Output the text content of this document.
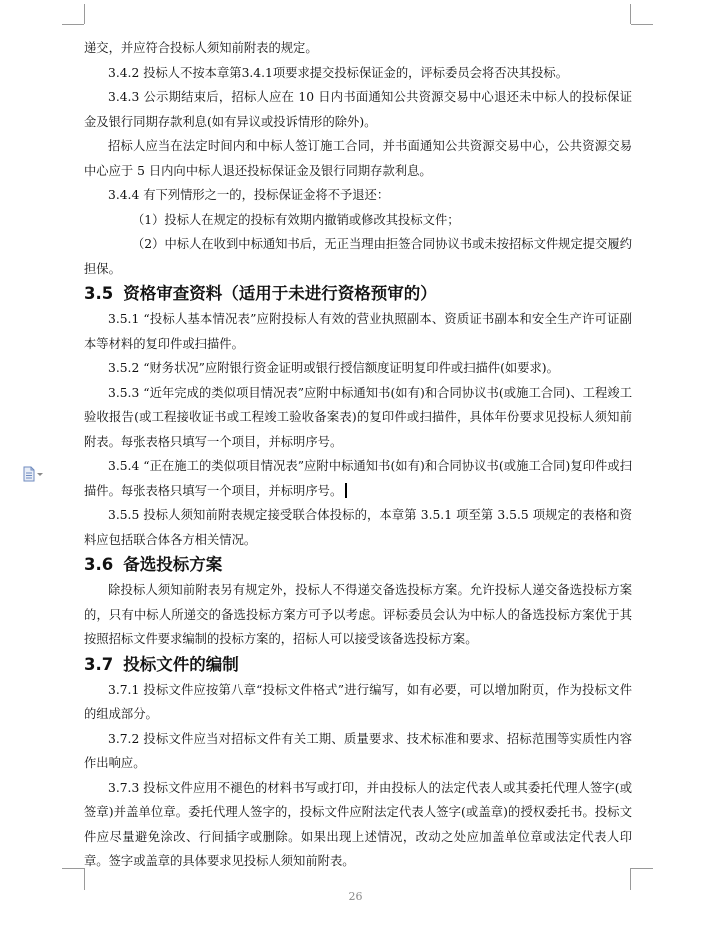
递交，并应符合投标人须知前附表的规定。

3.4.2 投标人不按本章第3.4.1项要求提交投标保证金的，评标委员会将否决其投标。

3.4.3 公示期结束后，招标人应在 10 日内书面通知公共资源交易中心退还未中标人的投标保证金及银行同期存款利息(如有异议或投诉情形的除外)。

招标人应当在法定时间内和中标人签订施工合同，并书面通知公共资源交易中心，公共资源交易中心应于 5 日内向中标人退还投标保证金及银行同期存款利息。

3.4.4 有下列情形之一的，投标保证金将不予退还：

（1）投标人在规定的投标有效期内撤销或修改其投标文件；

（2）中标人在收到中标通知书后，无正当理由拒签合同协议书或未按招标文件规定提交履约担保。

3.5 资格审查资料（适用于未进行资格预审的）

3.5.1 “投标人基本情况表”应附投标人有效的营业执照副本、资质证书副本和安全生产许可证副本等材料的复印件或扫描件。

3.5.2 “财务状况”应附银行资金证明或银行授信额度证明复印件或扫描件(如要求)。

3.5.3 “近年完成的类似项目情况表”应附中标通知书(如有)和合同协议书(或施工合同)、工程竣工验收报告(或工程接收证书或工程竣工验收备案表)的复印件或扫描件，具体年份要求见投标人须知前附表。每张表格只填写一个项目，并标明序号。

3.5.4 “正在施工的类似项目情况表”应附中标通知书(如有)和合同协议书(或施工合同)复印件或扫描件。每张表格只填写一个项目，并标明序号。

3.5.5 投标人须知前附表规定接受联合体投标的，本章第 3.5.1 项至第 3.5.5 项规定的表格和资料应包括联合体各方相关情况。

3.6 备选投标方案

除投标人须知前附表另有规定外，投标人不得递交备选投标方案。允许投标人递交备选投标方案的，只有中标人所递交的备选投标方案方可予以考虑。评标委员会认为中标人的备选投标方案优于其按照招标文件要求编制的投标方案的，招标人可以接受该备选投标方案。

3.7 投标文件的编制

3.7.1 投标文件应按第八章“投标文件格式”进行编写，如有必要，可以增加附页，作为投标文件的组成部分。

3.7.2 投标文件应当对招标文件有关工期、质量要求、技术标准和要求、招标范围等实质性内容作出响应。

3.7.3 投标文件应用不褪色的材料书写或打印，并由投标人的法定代表人或其委托代理人签字(或签章)并盖单位章。委托代理人签字的，投标文件应附法定代表人签字(或盖章)的授权委托书。投标文件应尽量避免涂改、行间插字或删除。如果出现上述情况，改动之处应加盖单位章或法定代表人印章。签字或盖章的具体要求见投标人须知前附表。

26
